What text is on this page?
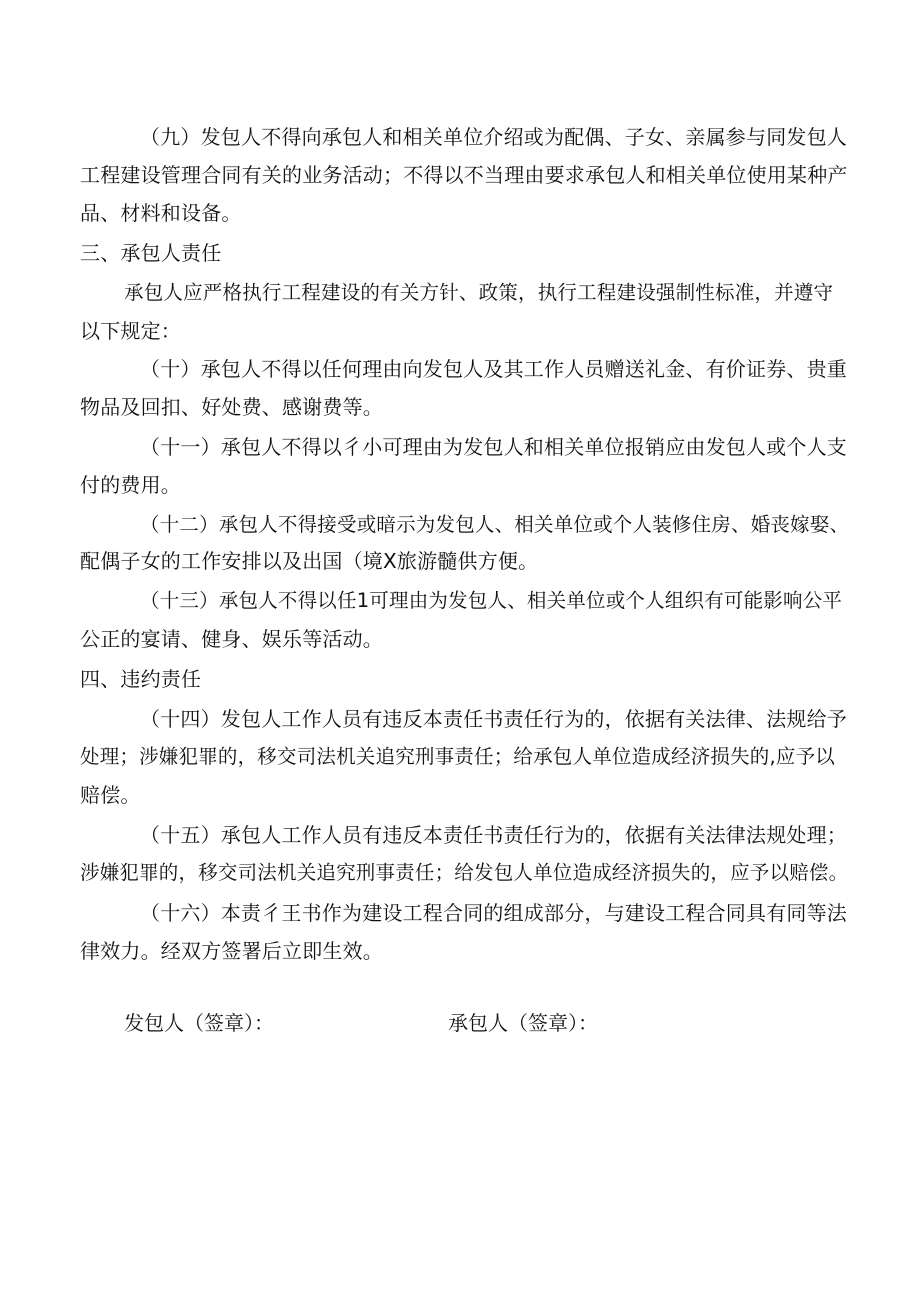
（九）发包人不得向承包人和相关单位介绍或为配偶、子女、亲属参与同发包人
工程建设管理合同有关的业务活动；不得以不当理由要求承包人和相关单位使用某种产
品、材料和设备。
三、承包人责任
承包人应严格执行工程建设的有关方针、政策，执行工程建设强制性标准，并遵守
以下规定：
（十）承包人不得以任何理由向发包人及其工作人员赠送礼金、有价证券、贵重
物品及回扣、好处费、感谢费等。
（十一）承包人不得以彳小可理由为发包人和相关单位报销应由发包人或个人支
付的费用。
（十二）承包人不得接受或暗示为发包人、相关单位或个人装修住房、婚丧嫁娶、
配偶子女的工作安排以及出国（境X旅游髓供方便。
（十三）承包人不得以任1可理由为发包人、相关单位或个人组织有可能影响公平
公正的宴请、健身、娱乐等活动。
四、违约责任
（十四）发包人工作人员有违反本责任书责任行为的，依据有关法律、法规给予
处理；涉嫌犯罪的，移交司法机关追究刑事责任；给承包人单位造成经济损失的,应予以
赔偿。
（十五）承包人工作人员有违反本责任书责任行为的，依据有关法律法规处理；
涉嫌犯罪的，移交司法机关追究刑事责任；给发包人单位造成经济损失的，应予以赔偿。
（十六）本责彳王书作为建设工程合同的组成部分，与建设工程合同具有同等法
律效力。经双方签署后立即生效。
发包人（签章）：	承包人（签章）：
